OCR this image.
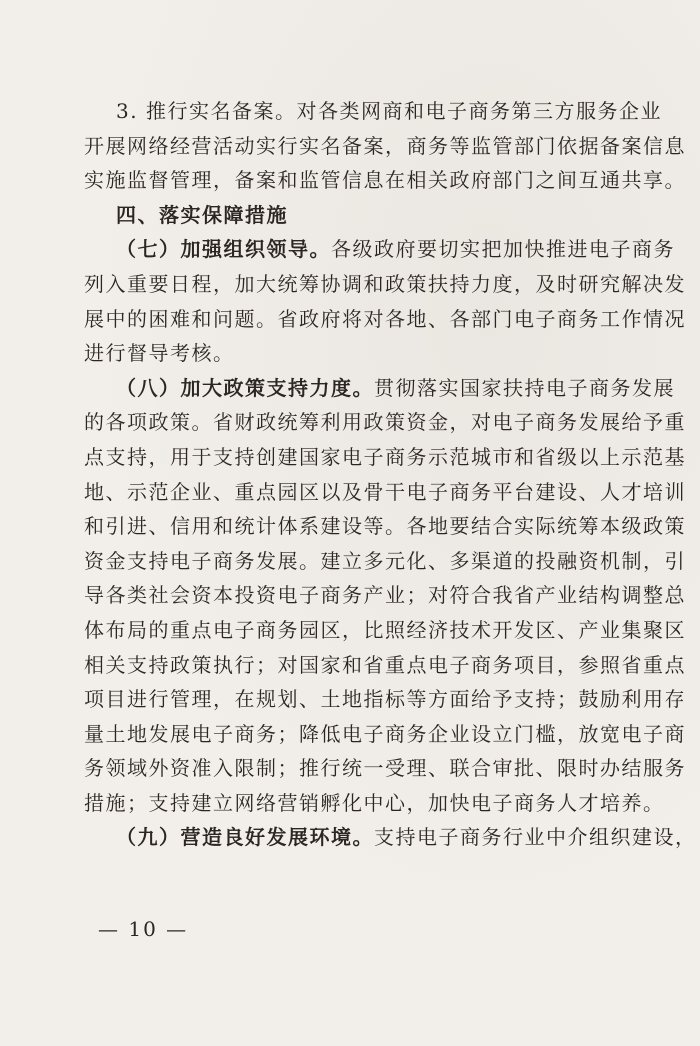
3. 推行实名备案。对各类网商和电子商务第三方服务企业
开展网络经营活动实行实名备案，商务等监管部门依据备案信息
实施监督管理，备案和监管信息在相关政府部门之间互通共享。
四、落实保障措施
（七）加强组织领导。各级政府要切实把加快推进电子商务
列入重要日程，加大统筹协调和政策扶持力度，及时研究解决发
展中的困难和问题。省政府将对各地、各部门电子商务工作情况
进行督导考核。
（八）加大政策支持力度。贯彻落实国家扶持电子商务发展
的各项政策。省财政统筹利用政策资金，对电子商务发展给予重
点支持，用于支持创建国家电子商务示范城市和省级以上示范基
地、示范企业、重点园区以及骨干电子商务平台建设、人才培训
和引进、信用和统计体系建设等。各地要结合实际统筹本级政策
资金支持电子商务发展。建立多元化、多渠道的投融资机制，引
导各类社会资本投资电子商务产业；对符合我省产业结构调整总
体布局的重点电子商务园区，比照经济技术开发区、产业集聚区
相关支持政策执行；对国家和省重点电子商务项目，参照省重点
项目进行管理，在规划、土地指标等方面给予支持；鼓励利用存
量土地发展电子商务；降低电子商务企业设立门槛，放宽电子商
务领域外资准入限制；推行统一受理、联合审批、限时办结服务
措施；支持建立网络营销孵化中心，加快电子商务人才培养。
（九）营造良好发展环境。支持电子商务行业中介组织建设，
— 10 —
